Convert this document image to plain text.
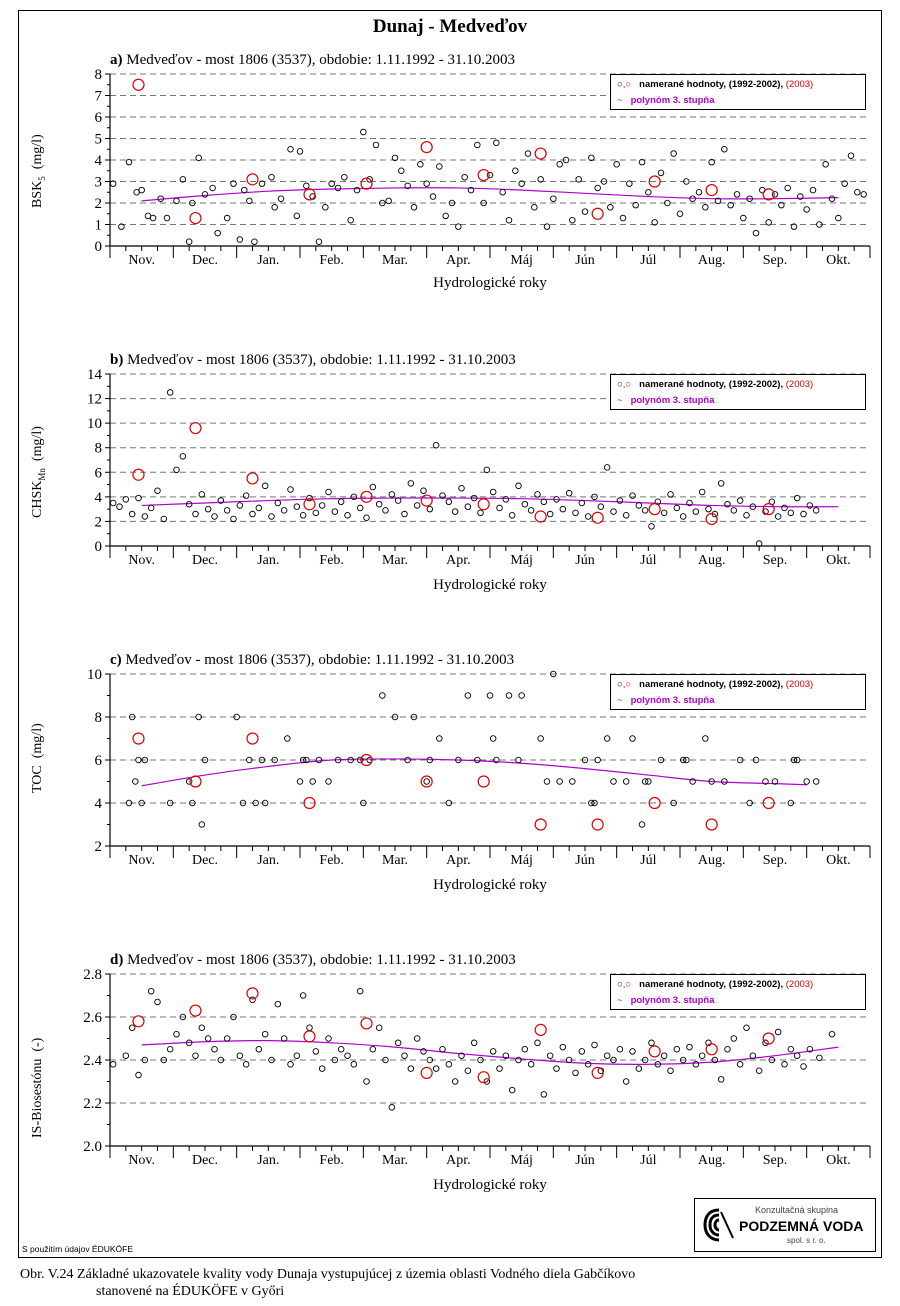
Dunaj - Medveďov
0
1
2
3
4
5
6
7
8
Nov.	Dec.	Jan.	Feb.	Mar.	Apr.	Máj	Jún	Júl	Aug.	Sep.	Okt.
a) Medveďov - most 1806 (3537), obdobie: 1.11.1992 - 31.10.2003
$BSK_5$  (mg/l)
Hydrologické roky
○,○ namerané hodnoty, (1992-2002), (2003)
~ polynóm 3. stupňa
0
2
4
6
8
10
12
14
Nov.	Dec.	Jan.	Feb.	Mar.	Apr.	Máj	Jún	Júl	Aug.	Sep.	Okt.
b) Medveďov - most 1806 (3537), obdobie: 1.11.1992 - 31.10.2003
$CHSK_{Mn}$  (mg/l)
Hydrologické roky
○,○ namerané hodnoty, (1992-2002), (2003)
~ polynóm 3. stupňa
2
4
6
8
10
Nov.	Dec.	Jan.	Feb.	Mar.	Apr.	Máj	Jún	Júl	Aug.	Sep.	Okt.
c) Medveďov - most 1806 (3537), obdobie: 1.11.1992 - 31.10.2003
TOC  (mg/l)
Hydrologické roky
○,○ namerané hodnoty, (1992-2002), (2003)
~ polynóm 3. stupňa
2.0
2.2
2.4
2.6
2.8
Nov.	Dec.	Jan.	Feb.	Mar.	Apr.	Máj	Jún	Júl	Aug.	Sep.	Okt.
d) Medveďov - most 1806 (3537), obdobie: 1.11.1992 - 31.10.2003
IS-Biosestónu  (-)
Hydrologické roky
○,○ namerané hodnoty, (1992-2002), (2003)
~ polynóm 3. stupňa
S použitím údajov ÉDUKÖFE
Konzultačná skupina
PODZEMNÁ VODA
spol. s r. o.
Obr. V.24 Základné ukazovatele kvality vody Dunaja vystupujúcej z územia oblasti Vodného diela Gabčíkovo
stanovené na ÉDUKÖFE v Győri
